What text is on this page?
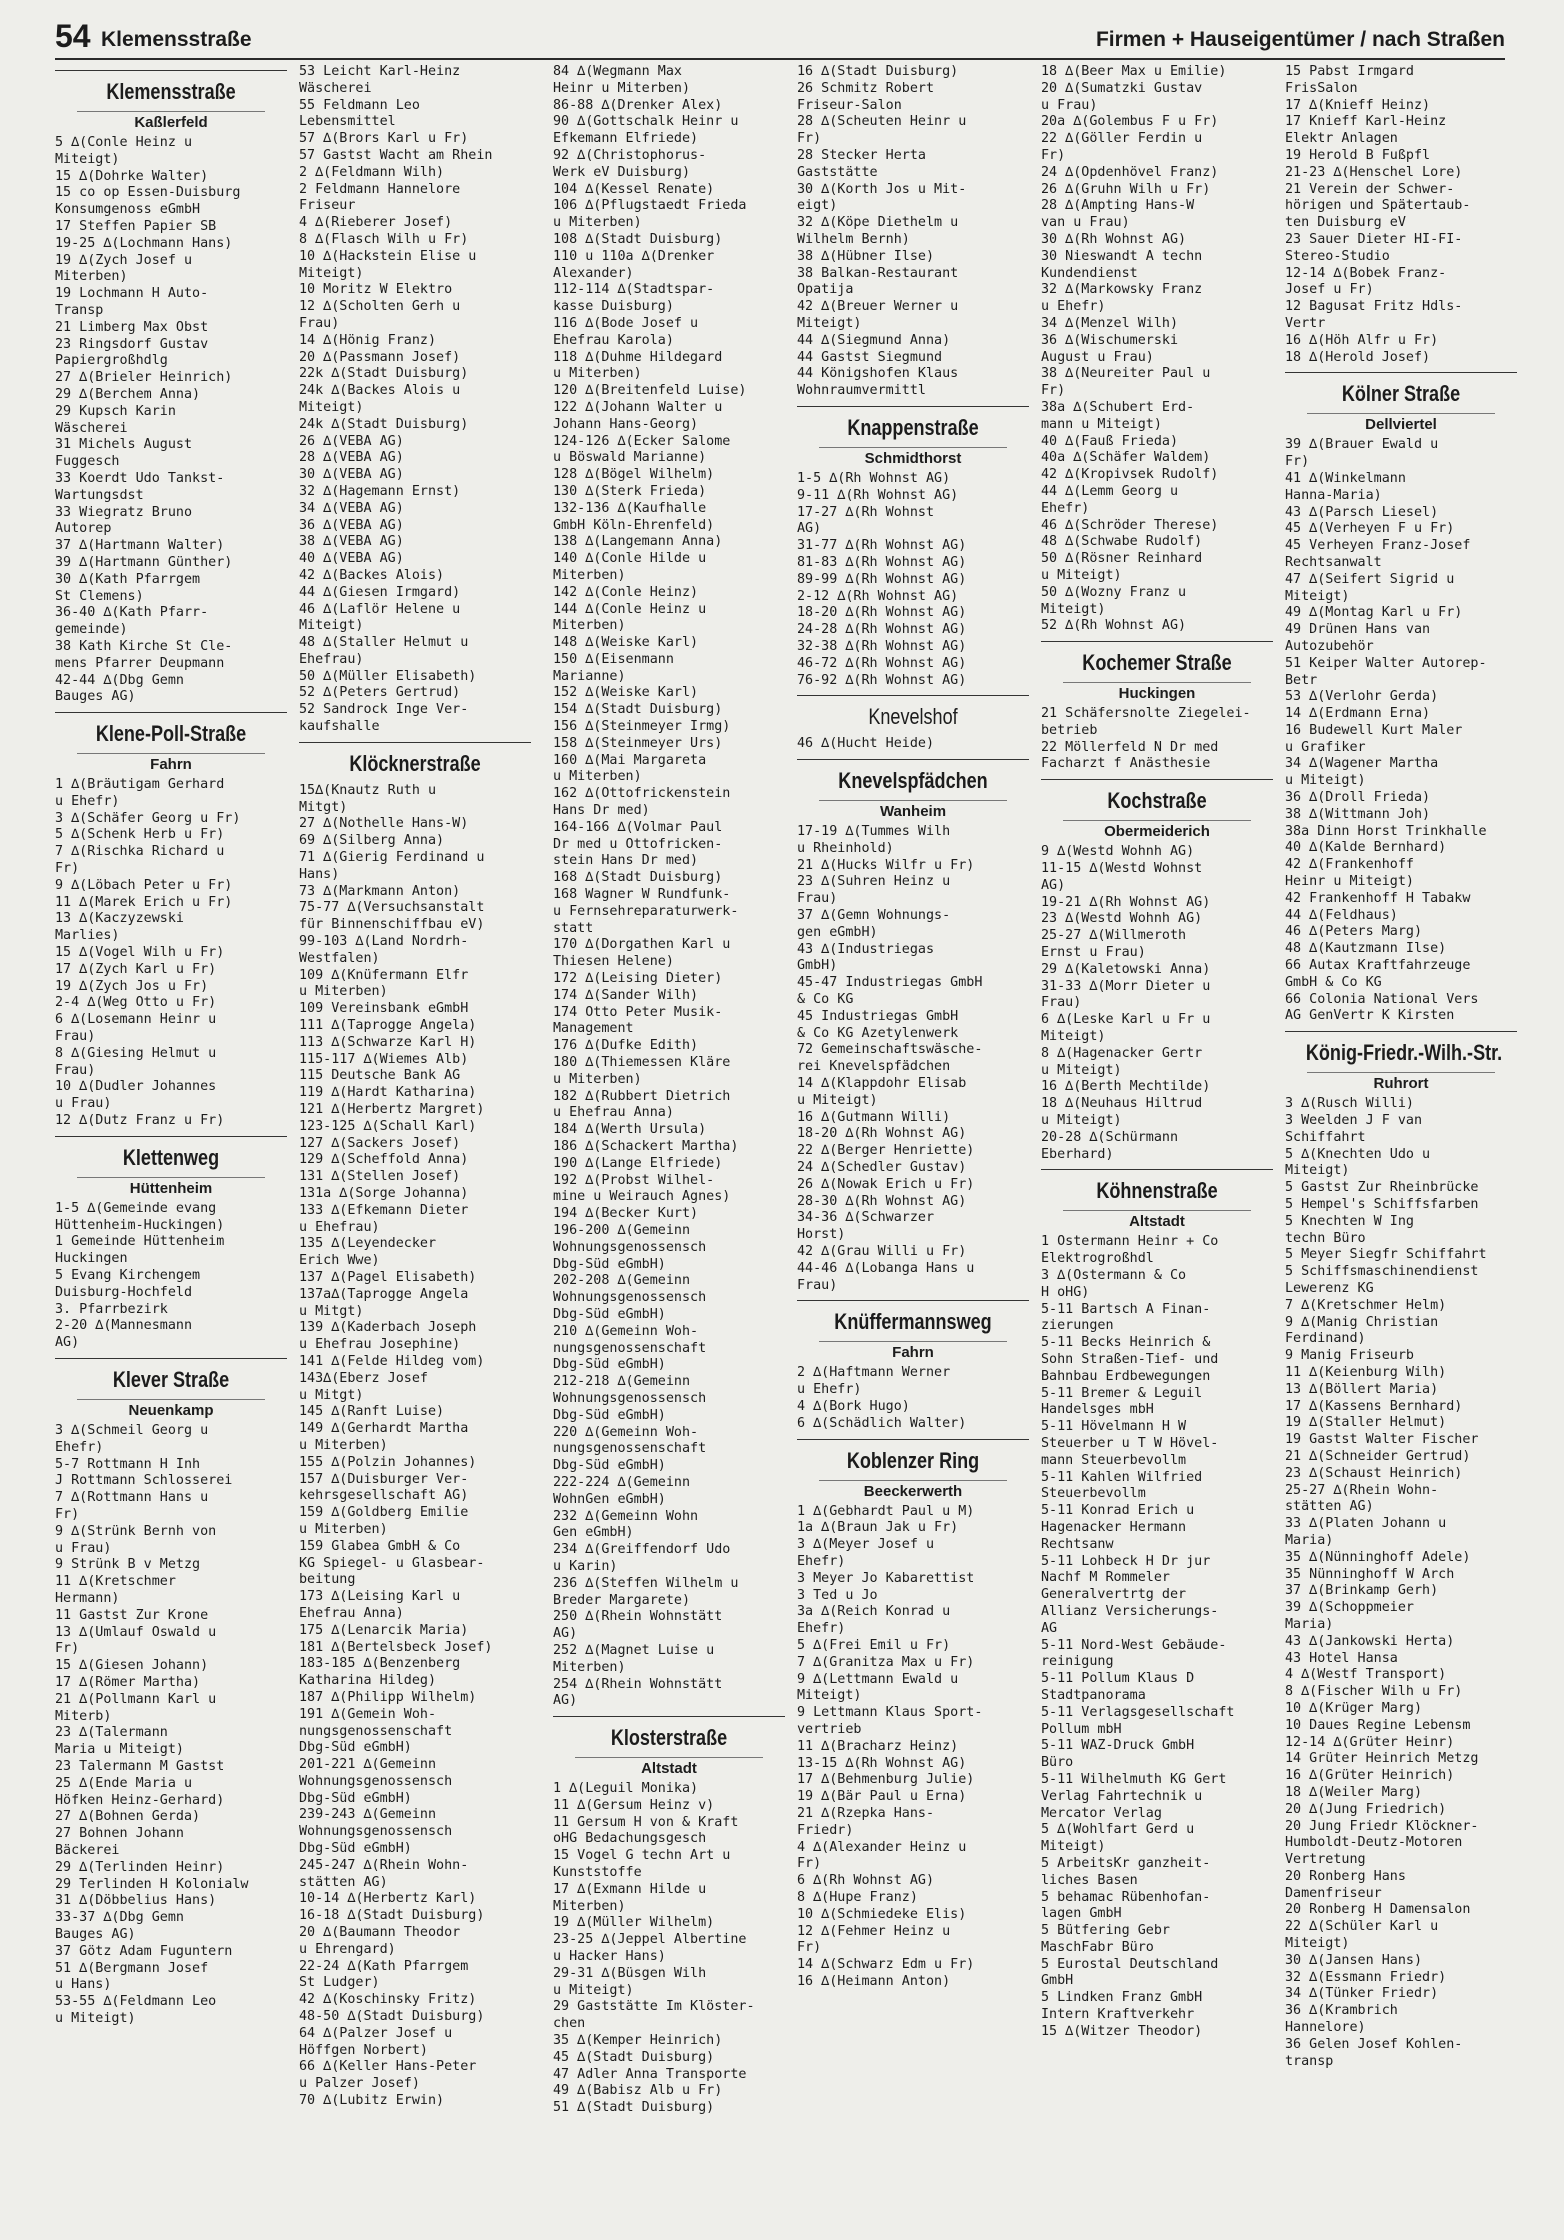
54 Klemensstraße	Firmen + Hauseigentümer / nach Straßen
Klemensstraße
Kaßlerfeld
5 ∆(Conle Heinz u
Miteigt)
15 ∆(Dohrke Walter)
15 co op Essen-Duisburg
Konsumgenoss eGmbH
17 Steffen Papier SB
19-25 ∆(Lochmann Hans)
19 ∆(Zych Josef u
Miterben)
19 Lochmann H Auto-
Transp
21 Limberg Max Obst
23 Ringsdorf Gustav
Papiergroßhdlg
27 ∆(Brieler Heinrich)
29 ∆(Berchem Anna)
29 Kupsch Karin
Wäscherei
31 Michels August
Fuggesch
33 Koerdt Udo Tankst-
Wartungsdst
33 Wiegratz Bruno
Autorep
37 ∆(Hartmann Walter)
39 ∆(Hartmann Günther)
30 ∆(Kath Pfarrgem
St Clemens)
36-40 ∆(Kath Pfarr-
gemeinde)
38 Kath Kirche St Cle-
mens Pfarrer Deupmann
42-44 ∆(Dbg Gemn
Bauges AG)
Klene-Poll-Straße
Fahrn
1 ∆(Bräutigam Gerhard
u Ehefr)
3 ∆(Schäfer Georg u Fr)
5 ∆(Schenk Herb u Fr)
7 ∆(Rischka Richard u
Fr)
9 ∆(Löbach Peter u Fr)
11 ∆(Marek Erich u Fr)
13 ∆(Kaczyzewski
Marlies)
15 ∆(Vogel Wilh u Fr)
17 ∆(Zych Karl u Fr)
19 ∆(Zych Jos u Fr)
2-4 ∆(Weg Otto u Fr)
6 ∆(Losemann Heinr u
Frau)
8 ∆(Giesing Helmut u
Frau)
10 ∆(Dudler Johannes
u Frau)
12 ∆(Dutz Franz u Fr)
Klettenweg
Hüttenheim
1-5 ∆(Gemeinde evang
Hüttenheim-Huckingen)
1 Gemeinde Hüttenheim
Huckingen
5 Evang Kirchengem
Duisburg-Hochfeld
3. Pfarrbezirk
2-20 ∆(Mannesmann
AG)
Klever Straße
Neuenkamp
3 ∆(Schmeil Georg u
Ehefr)
5-7 Rottmann H Inh
J Rottmann Schlosserei
7 ∆(Rottmann Hans u
Fr)
9 ∆(Strünk Bernh von
u Frau)
9 Strünk B v Metzg
11 ∆(Kretschmer
Hermann)
11 Gastst Zur Krone
13 ∆(Umlauf Oswald u
Fr)
15 ∆(Giesen Johann)
17 ∆(Römer Martha)
21 ∆(Pollmann Karl u
Miterb)
23 ∆(Talermann
Maria u Miteigt)
23 Talermann M Gastst
25 ∆(Ende Maria u
Höfken Heinz-Gerhard)
27 ∆(Bohnen Gerda)
27 Bohnen Johann
Bäckerei
29 ∆(Terlinden Heinr)
29 Terlinden H Kolonialw
31 ∆(Döbbelius Hans)
33-37 ∆(Dbg Gemn
Bauges AG)
37 Götz Adam Fuguntern
51 ∆(Bergmann Josef
u Hans)
53-55 ∆(Feldmann Leo
u Miteigt)
53 Leicht Karl-Heinz
Wäscherei
55 Feldmann Leo
Lebensmittel
57 ∆(Brors Karl u Fr)
57 Gastst Wacht am Rhein
2 ∆(Feldmann Wilh)
2 Feldmann Hannelore
Friseur
4 ∆(Rieberer Josef)
8 ∆(Flasch Wilh u Fr)
10 ∆(Hackstein Elise u
Miteigt)
10 Moritz W Elektro
12 ∆(Scholten Gerh u
Frau)
14 ∆(Hönig Franz)
20 ∆(Passmann Josef)
22k ∆(Stadt Duisburg)
24k ∆(Backes Alois u
Miteigt)
24k ∆(Stadt Duisburg)
26 ∆(VEBA AG)
28 ∆(VEBA AG)
30 ∆(VEBA AG)
32 ∆(Hagemann Ernst)
34 ∆(VEBA AG)
36 ∆(VEBA AG)
38 ∆(VEBA AG)
40 ∆(VEBA AG)
42 ∆(Backes Alois)
44 ∆(Giesen Irmgard)
46 ∆(Laflör Helene u
Miteigt)
48 ∆(Staller Helmut u
Ehefrau)
50 ∆(Müller Elisabeth)
52 ∆(Peters Gertrud)
52 Sandrock Inge Ver-
kaufshalle
Klöcknerstraße
15∆(Knautz Ruth u
Mitgt)
27 ∆(Nothelle Hans-W)
69 ∆(Silberg Anna)
71 ∆(Gierig Ferdinand u
Hans)
73 ∆(Markmann Anton)
75-77 ∆(Versuchsanstalt
für Binnenschiffbau eV)
99-103 ∆(Land Nordrh-
Westfalen)
109 ∆(Knüfermann Elfr
u Miterben)
109 Vereinsbank eGmbH
111 ∆(Taprogge Angela)
113 ∆(Schwarze Karl H)
115-117 ∆(Wiemes Alb)
115 Deutsche Bank AG
119 ∆(Hardt Katharina)
121 ∆(Herbertz Margret)
123-125 ∆(Schall Karl)
127 ∆(Sackers Josef)
129 ∆(Scheffold Anna)
131 ∆(Stellen Josef)
131a ∆(Sorge Johanna)
133 ∆(Efkemann Dieter
u Ehefrau)
135 ∆(Leyendecker
Erich Wwe)
137 ∆(Pagel Elisabeth)
137a∆(Taprogge Angela
u Mitgt)
139 ∆(Kaderbach Joseph
u Ehefrau Josephine)
141 ∆(Felde Hildeg vom)
143∆(Eberz Josef
u Mitgt)
145 ∆(Ranft Luise)
149 ∆(Gerhardt Martha
u Miterben)
155 ∆(Polzin Johannes)
157 ∆(Duisburger Ver-
kehrsgesellschaft AG)
159 ∆(Goldberg Emilie
u Miterben)
159 Glabea GmbH & Co
KG Spiegel- u Glasbear-
beitung
173 ∆(Leising Karl u
Ehefrau Anna)
175 ∆(Lenarcik Maria)
181 ∆(Bertelsbeck Josef)
183-185 ∆(Benzenberg
Katharina Hildeg)
187 ∆(Philipp Wilhelm)
191 ∆(Gemein Woh-
nungsgenossenschaft
Dbg-Süd eGmbH)
201-221 ∆(Gemeinn
Wohnungsgenossensch
Dbg-Süd eGmbH)
239-243 ∆(Gemeinn
Wohnungsgenossensch
Dbg-Süd eGmbH)
245-247 ∆(Rhein Wohn-
stätten AG)
10-14 ∆(Herbertz Karl)
16-18 ∆(Stadt Duisburg)
20 ∆(Baumann Theodor
u Ehrengard)
22-24 ∆(Kath Pfarrgem
St Ludger)
42 ∆(Koschinsky Fritz)
48-50 ∆(Stadt Duisburg)
64 ∆(Palzer Josef u
Höffgen Norbert)
66 ∆(Keller Hans-Peter
u Palzer Josef)
70 ∆(Lubitz Erwin)
84 ∆(Wegmann Max
Heinr u Miterben)
86-88 ∆(Drenker Alex)
90 ∆(Gottschalk Heinr u
Efkemann Elfriede)
92 ∆(Christophorus-
Werk eV Duisburg)
104 ∆(Kessel Renate)
106 ∆(Pflugstaedt Frieda
u Miterben)
108 ∆(Stadt Duisburg)
110 u 110a ∆(Drenker
Alexander)
112-114 ∆(Stadtspar-
kasse Duisburg)
116 ∆(Bode Josef u
Ehefrau Karola)
118 ∆(Duhme Hildegard
u Miterben)
120 ∆(Breitenfeld Luise)
122 ∆(Johann Walter u
Johann Hans-Georg)
124-126 ∆(Ecker Salome
u Böswald Marianne)
128 ∆(Bögel Wilhelm)
130 ∆(Sterk Frieda)
132-136 ∆(Kaufhalle
GmbH Köln-Ehrenfeld)
138 ∆(Langemann Anna)
140 ∆(Conle Hilde u
Miterben)
142 ∆(Conle Heinz)
144 ∆(Conle Heinz u
Miterben)
148 ∆(Weiske Karl)
150 ∆(Eisenmann
Marianne)
152 ∆(Weiske Karl)
154 ∆(Stadt Duisburg)
156 ∆(Steinmeyer Irmg)
158 ∆(Steinmeyer Urs)
160 ∆(Mai Margareta
u Miterben)
162 ∆(Ottofrickenstein
Hans Dr med)
164-166 ∆(Volmar Paul
Dr med u Ottofricken-
stein Hans Dr med)
168 ∆(Stadt Duisburg)
168 Wagner W Rundfunk-
u Fernsehreparaturwerk-
statt
170 ∆(Dorgathen Karl u
Thiesen Helene)
172 ∆(Leising Dieter)
174 ∆(Sander Wilh)
174 Otto Peter Musik-
Management
176 ∆(Dufke Edith)
180 ∆(Thiemessen Kläre
u Miterben)
182 ∆(Rubbert Dietrich
u Ehefrau Anna)
184 ∆(Werth Ursula)
186 ∆(Schackert Martha)
190 ∆(Lange Elfriede)
192 ∆(Probst Wilhel-
mine u Weirauch Agnes)
194 ∆(Becker Kurt)
196-200 ∆(Gemeinn
Wohnungsgenossensch
Dbg-Süd eGmbH)
202-208 ∆(Gemeinn
Wohnungsgenossensch
Dbg-Süd eGmbH)
210 ∆(Gemeinn Woh-
nungsgenossenschaft
Dbg-Süd eGmbH)
212-218 ∆(Gemeinn
Wohnungsgenossensch
Dbg-Süd eGmbH)
220 ∆(Gemeinn Woh-
nungsgenossenschaft
Dbg-Süd eGmbH)
222-224 ∆(Gemeinn
WohnGen eGmbH)
232 ∆(Gemeinn Wohn
Gen eGmbH)
234 ∆(Greiffendorf Udo
u Karin)
236 ∆(Steffen Wilhelm u
Breder Margarete)
250 ∆(Rhein Wohnstätt
AG)
252 ∆(Magnet Luise u
Miterben)
254 ∆(Rhein Wohnstätt
AG)
Klosterstraße
Altstadt
1 ∆(Leguil Monika)
11 ∆(Gersum Heinz v)
11 Gersum H von & Kraft
oHG Bedachungsgesch
15 Vogel G techn Art u
Kunststoffe
17 ∆(Exmann Hilde u
Miterben)
19 ∆(Müller Wilhelm)
23-25 ∆(Jeppel Albertine
u Hacker Hans)
29-31 ∆(Büsgen Wilh
u Miteigt)
29 Gaststätte Im Klöster-
chen
35 ∆(Kemper Heinrich)
45 ∆(Stadt Duisburg)
47 Adler Anna Transporte
49 ∆(Babisz Alb u Fr)
51 ∆(Stadt Duisburg)
16 ∆(Stadt Duisburg)
26 Schmitz Robert
Friseur-Salon
28 ∆(Scheuten Heinr u
Fr)
28 Stecker Herta
Gaststätte
30 ∆(Korth Jos u Mit-
eigt)
32 ∆(Köpe Diethelm u
Wilhelm Bernh)
38 ∆(Hübner Ilse)
38 Balkan-Restaurant
Opatija
42 ∆(Breuer Werner u
Miteigt)
44 ∆(Siegmund Anna)
44 Gastst Siegmund
44 Königshofen Klaus
Wohnraumvermittl
Knappenstraße
Schmidthorst
1-5 ∆(Rh Wohnst AG)
9-11 ∆(Rh Wohnst AG)
17-27 ∆(Rh Wohnst
AG)
31-77 ∆(Rh Wohnst AG)
81-83 ∆(Rh Wohnst AG)
89-99 ∆(Rh Wohnst AG)
2-12 ∆(Rh Wohnst AG)
18-20 ∆(Rh Wohnst AG)
24-28 ∆(Rh Wohnst AG)
32-38 ∆(Rh Wohnst AG)
46-72 ∆(Rh Wohnst AG)
76-92 ∆(Rh Wohnst AG)
Knevelshof
46 ∆(Hucht Heide)
Knevelspfädchen
Wanheim
17-19 ∆(Tummes Wilh
u Rheinhold)
21 ∆(Hucks Wilfr u Fr)
23 ∆(Suhren Heinz u
Frau)
37 ∆(Gemn Wohnungs-
gen eGmbH)
43 ∆(Industriegas
GmbH)
45-47 Industriegas GmbH
& Co KG
45 Industriegas GmbH
& Co KG Azetylenwerk
72 Gemeinschaftswäsche-
rei Knevelspfädchen
14 ∆(Klappdohr Elisab
u Miteigt)
16 ∆(Gutmann Willi)
18-20 ∆(Rh Wohnst AG)
22 ∆(Berger Henriette)
24 ∆(Schedler Gustav)
26 ∆(Nowak Erich u Fr)
28-30 ∆(Rh Wohnst AG)
34-36 ∆(Schwarzer
Horst)
42 ∆(Grau Willi u Fr)
44-46 ∆(Lobanga Hans u
Frau)
Knüffermannsweg
Fahrn
2 ∆(Haftmann Werner
u Ehefr)
4 ∆(Bork Hugo)
6 ∆(Schädlich Walter)
Koblenzer Ring
Beeckerwerth
1 ∆(Gebhardt Paul u M)
1a ∆(Braun Jak u Fr)
3 ∆(Meyer Josef u
Ehefr)
3 Meyer Jo Kabarettist
3 Ted u Jo
3a ∆(Reich Konrad u
Ehefr)
5 ∆(Frei Emil u Fr)
7 ∆(Granitza Max u Fr)
9 ∆(Lettmann Ewald u
Miteigt)
9 Lettmann Klaus Sport-
vertrieb
11 ∆(Bracharz Heinz)
13-15 ∆(Rh Wohnst AG)
17 ∆(Behmenburg Julie)
19 ∆(Bär Paul u Erna)
21 ∆(Rzepka Hans-
Friedr)
4 ∆(Alexander Heinz u
Fr)
6 ∆(Rh Wohnst AG)
8 ∆(Hupe Franz)
10 ∆(Schmiedeke Elis)
12 ∆(Fehmer Heinz u
Fr)
14 ∆(Schwarz Edm u Fr)
16 ∆(Heimann Anton)
18 ∆(Beer Max u Emilie)
20 ∆(Sumatzki Gustav
u Frau)
20a ∆(Golembus F u Fr)
22 ∆(Göller Ferdin u
Fr)
24 ∆(Opdenhövel Franz)
26 ∆(Gruhn Wilh u Fr)
28 ∆(Ampting Hans-W
van u Frau)
30 ∆(Rh Wohnst AG)
30 Nieswandt A techn
Kundendienst
32 ∆(Markowsky Franz
u Ehefr)
34 ∆(Menzel Wilh)
36 ∆(Wischumerski
August u Frau)
38 ∆(Neureiter Paul u
Fr)
38a ∆(Schubert Erd-
mann u Miteigt)
40 ∆(Fauß Frieda)
40a ∆(Schäfer Waldem)
42 ∆(Kropivsek Rudolf)
44 ∆(Lemm Georg u
Ehefr)
46 ∆(Schröder Therese)
48 ∆(Schwabe Rudolf)
50 ∆(Rösner Reinhard
u Miteigt)
50 ∆(Wozny Franz u
Miteigt)
52 ∆(Rh Wohnst AG)
Kochemer Straße
Huckingen
21 Schäfersnolte Ziegelei-
betrieb
22 Möllerfeld N Dr med
Facharzt f Anästhesie
Kochstraße
Obermeiderich
9 ∆(Westd Wohnh AG)
11-15 ∆(Westd Wohnst
AG)
19-21 ∆(Rh Wohnst AG)
23 ∆(Westd Wohnh AG)
25-27 ∆(Willmeroth
Ernst u Frau)
29 ∆(Kaletowski Anna)
31-33 ∆(Morr Dieter u
Frau)
6 ∆(Leske Karl u Fr u
Miteigt)
8 ∆(Hagenacker Gertr
u Miteigt)
16 ∆(Berth Mechtilde)
18 ∆(Neuhaus Hiltrud
u Miteigt)
20-28 ∆(Schürmann
Eberhard)
Köhnenstraße
Altstadt
1 Ostermann Heinr + Co
Elektrogroßhdl
3 ∆(Ostermann & Co
H oHG)
5-11 Bartsch A Finan-
zierungen
5-11 Becks Heinrich &
Sohn Straßen-Tief- und
Bahnbau Erdbewegungen
5-11 Bremer & Leguil
Handelsges mbH
5-11 Hövelmann H W
Steuerber u T W Hövel-
mann Steuerbevollm
5-11 Kahlen Wilfried
Steuerbevollm
5-11 Konrad Erich u
Hagenacker Hermann
Rechtsanw
5-11 Lohbeck H Dr jur
Nachf M Rommeler
Generalvertrtg der
Allianz Versicherungs-
AG
5-11 Nord-West Gebäude-
reinigung
5-11 Pollum Klaus D
Stadtpanorama
5-11 Verlagsgesellschaft
Pollum mbH
5-11 WAZ-Druck GmbH
Büro
5-11 Wilhelmuth KG Gert
Verlag Fahrtechnik u
Mercator Verlag
5 ∆(Wohlfart Gerd u
Miteigt)
5 ArbeitsKr ganzheit-
liches Basen
5 behamac Rübenhofan-
lagen GmbH
5 Bütfering Gebr
MaschFabr Büro
5 Eurostal Deutschland
GmbH
5 Lindken Franz GmbH
Intern Kraftverkehr
15 ∆(Witzer Theodor)
15 Pabst Irmgard
FrisSalon
17 ∆(Knieff Heinz)
17 Knieff Karl-Heinz
Elektr Anlagen
19 Herold B Fußpfl
21-23 ∆(Henschel Lore)
21 Verein der Schwer-
hörigen und Spätertaub-
ten Duisburg eV
23 Sauer Dieter HI-FI-
Stereo-Studio
12-14 ∆(Bobek Franz-
Josef u Fr)
12 Bagusat Fritz Hdls-
Vertr
16 ∆(Höh Alfr u Fr)
18 ∆(Herold Josef)
Kölner Straße
Dellviertel
39 ∆(Brauer Ewald u
Fr)
41 ∆(Winkelmann
Hanna-Maria)
43 ∆(Parsch Liesel)
45 ∆(Verheyen F u Fr)
45 Verheyen Franz-Josef
Rechtsanwalt
47 ∆(Seifert Sigrid u
Miteigt)
49 ∆(Montag Karl u Fr)
49 Drünen Hans van
Autozubehör
51 Keiper Walter Autorep-
Betr
53 ∆(Verlohr Gerda)
14 ∆(Erdmann Erna)
16 Budewell Kurt Maler
u Grafiker
34 ∆(Wagener Martha
u Miteigt)
36 ∆(Droll Frieda)
38 ∆(Wittmann Joh)
38a Dinn Horst Trinkhalle
40 ∆(Kalde Bernhard)
42 ∆(Frankenhoff
Heinr u Miteigt)
42 Frankenhoff H Tabakw
44 ∆(Feldhaus)
46 ∆(Peters Marg)
48 ∆(Kautzmann Ilse)
66 Autax Kraftfahrzeuge
GmbH & Co KG
66 Colonia National Vers
AG GenVertr K Kirsten
König-Friedr.-Wilh.-Str.
Ruhrort
3 ∆(Rusch Willi)
3 Weelden J F van
Schiffahrt
5 ∆(Knechten Udo u
Miteigt)
5 Gastst Zur Rheinbrücke
5 Hempel's Schiffsfarben
5 Knechten W Ing
techn Büro
5 Meyer Siegfr Schiffahrt
5 Schiffsmaschinendienst
Lewerenz KG
7 ∆(Kretschmer Helm)
9 ∆(Manig Christian
Ferdinand)
9 Manig Friseurb
11 ∆(Keienburg Wilh)
13 ∆(Böllert Maria)
17 ∆(Kassens Bernhard)
19 ∆(Staller Helmut)
19 Gastst Walter Fischer
21 ∆(Schneider Gertrud)
23 ∆(Schaust Heinrich)
25-27 ∆(Rhein Wohn-
stätten AG)
33 ∆(Platen Johann u
Maria)
35 ∆(Nünninghoff Adele)
35 Nünninghoff W Arch
37 ∆(Brinkamp Gerh)
39 ∆(Schoppmeier
Maria)
43 ∆(Jankowski Herta)
43 Hotel Hansa
4 ∆(Westf Transport)
8 ∆(Fischer Wilh u Fr)
10 ∆(Krüger Marg)
10 Daues Regine Lebensm
12-14 ∆(Grüter Heinr)
14 Grüter Heinrich Metzg
16 ∆(Grüter Heinrich)
18 ∆(Weiler Marg)
20 ∆(Jung Friedrich)
20 Jung Friedr Klöckner-
Humboldt-Deutz-Motoren
Vertretung
20 Ronberg Hans
Damenfriseur
20 Ronberg H Damensalon
22 ∆(Schüler Karl u
Miteigt)
30 ∆(Jansen Hans)
32 ∆(Essmann Friedr)
34 ∆(Tünker Friedr)
36 ∆(Krambrich
Hannelore)
36 Gelen Josef Kohlen-
transp
